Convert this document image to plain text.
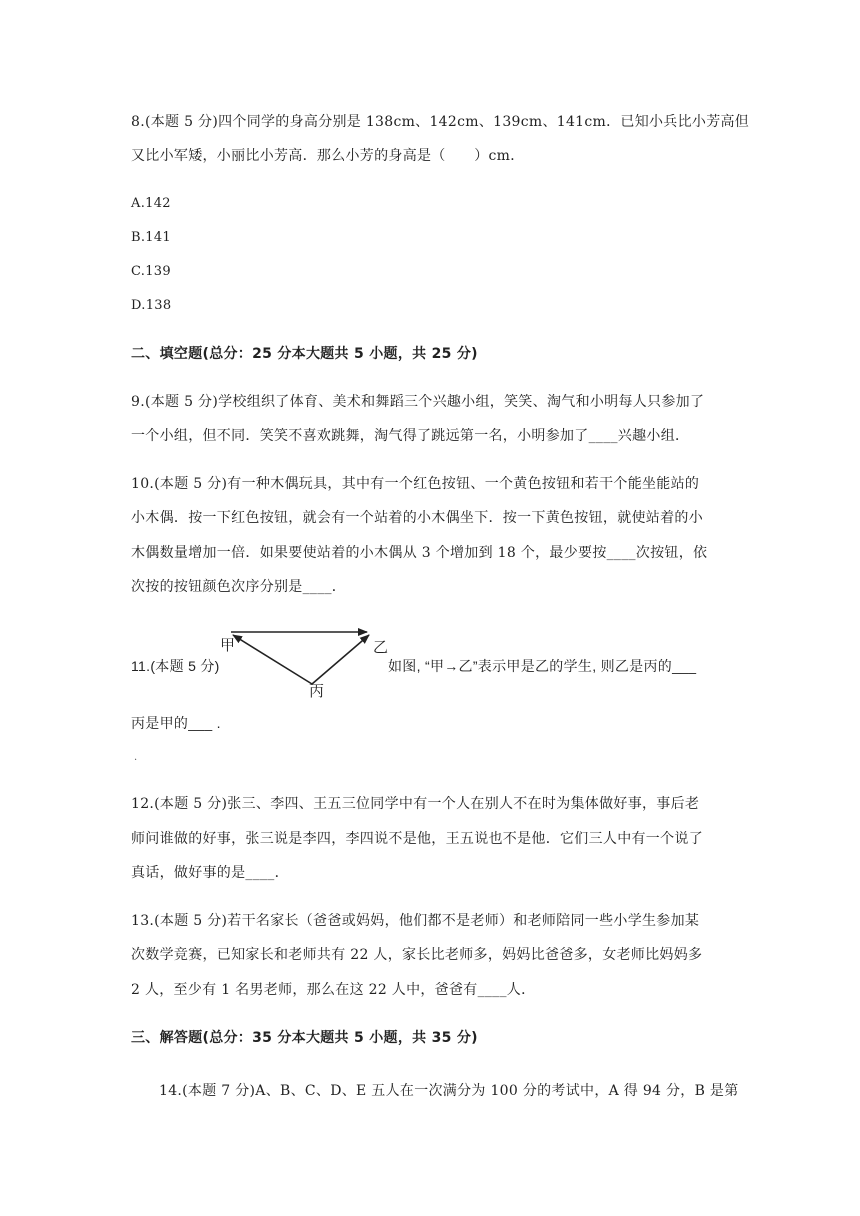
8.(本题 5 分)四个同学的身高分别是 138cm、142cm、139cm、141cm．已知小兵比小芳高但
又比小军矮，小丽比小芳高．那么小芳的身高是（　　）cm．
A.142
B.141
C.139
D.138
二、填空题(总分：25 分本大题共 5 小题，共 25 分)
9.(本题 5 分)学校组织了体育、美术和舞蹈三个兴趣小组，笑笑、淘气和小明每人只参加了
一个小组，但不同．笑笑不喜欢跳舞，淘气得了跳远第一名，小明参加了____兴趣小组．
10.(本题 5 分)有一种木偶玩具，其中有一个红色按钮、一个黄色按钮和若干个能坐能站的
小木偶．按一下红色按钮，就会有一个站着的小木偶坐下．按一下黄色按钮，就使站着的小
木偶数量增加一倍．如果要使站着的小木偶从 3 个增加到 18 个，最少要按____次按钮，依
次按的按钮颜色次序分别是____．
11.(本题 5 分)
甲	乙
丙
如图, “甲→乙”表示甲是乙的学生, 则乙是丙的___
丙是甲的___ .
.
12.(本题 5 分)张三、李四、王五三位同学中有一个人在别人不在时为集体做好事，事后老
师问谁做的好事，张三说是李四，李四说不是他，王五说也不是他．它们三人中有一个说了
真话，做好事的是____．
13.(本题 5 分)若干名家长（爸爸或妈妈，他们都不是老师）和老师陪同一些小学生参加某
次数学竞赛，已知家长和老师共有 22 人，家长比老师多，妈妈比爸爸多，女老师比妈妈多
2 人，至少有 1 名男老师，那么在这 22 人中，爸爸有____人．
三、解答题(总分：35 分本大题共 5 小题，共 35 分)
14.(本题 7 分)A、B、C、D、E 五人在一次满分为 100 分的考试中，A 得 94 分，B 是第
